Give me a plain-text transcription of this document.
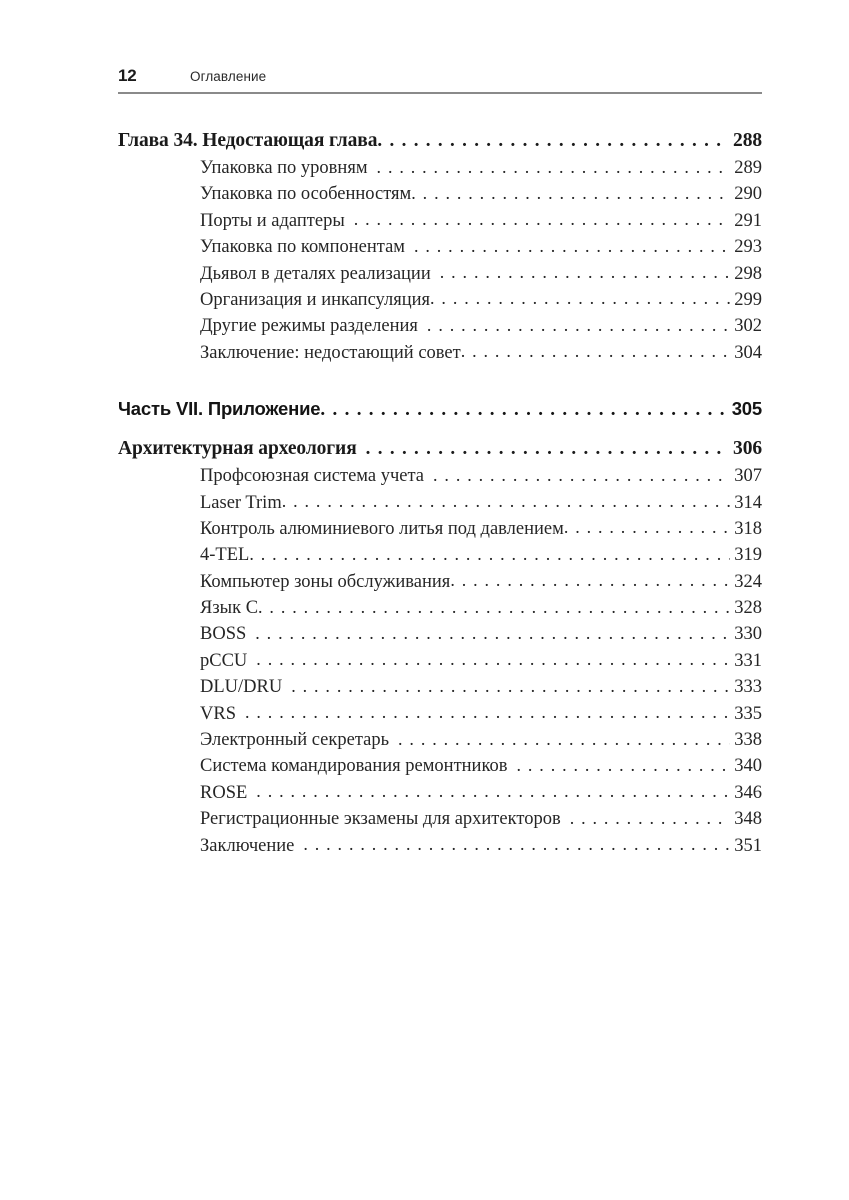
12	Оглавление
Глава 34. Недостающая глава . . .	288
Упаковка по уровням . . .	289
Упаковка по особенностям . . .	290
Порты и адаптеры . . .	291
Упаковка по компонентам . . .	293
Дьявол в деталях реализации . . .	298
Организация и инкапсуляция . . .	299
Другие режимы разделения . . .	302
Заключение: недостающий совет . . .	304
Часть VII. Приложение . . .	305
Архитектурная археология . . .	306
Профсоюзная система учета . . .	307
Laser Trim . . .	314
Контроль алюминиевого литья под давлением . . .	318
4-TEL . . .	319
Компьютер зоны обслуживания . . .	324
Язык C . . .	328
BOSS . . .	330
pCCU . . .	331
DLU/DRU . . .	333
VRS . . .	335
Электронный секретарь . . .	338
Система командирования ремонтников . . .	340
ROSE . . .	346
Регистрационные экзамены для архитекторов . . .	348
Заключение . . .	351
